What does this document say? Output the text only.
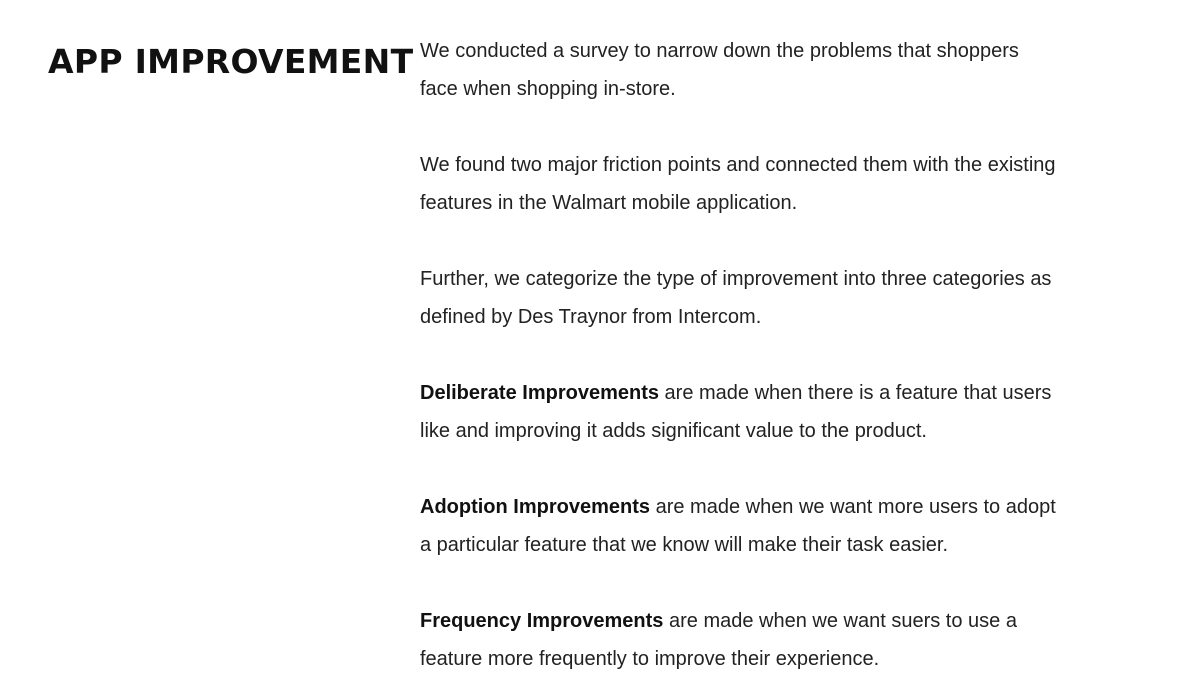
APP IMPROVEMENT We conducted a survey to narrow down the problems that shoppers face when shopping in-store.

We found two major friction points and connected them with the existing features in the Walmart mobile application.

Further, we categorize the type of improvement into three categories as defined by Des Traynor from Intercom.

Deliberate Improvements are made when there is a feature that users like and improving it adds significant value to the product.

Adoption Improvements are made when we want more users to adopt a particular feature that we know will make their task easier.

Frequency Improvements are made when we want suers to use a feature more frequently to improve their experience.
